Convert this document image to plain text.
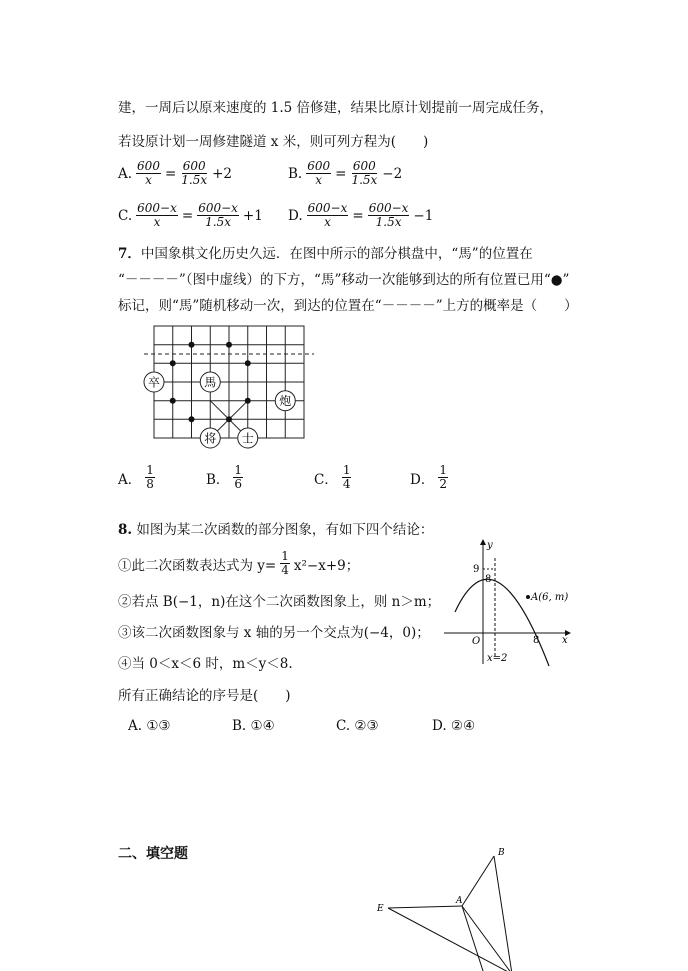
建，一周后以原来速度的 1.5 倍修建，结果比原计划提前一周完成任务，
若设原计划一周修建隧道 x 米，则可列方程为(　　)
A. $\frac{600}{x} = \frac{600}{1.5x} +2$	B. $\frac{600}{x} = \frac{600}{1.5x} -2$
C. $\frac{600-x}{x} = \frac{600-x}{1.5x} +1$ D. $\frac{600-x}{x} = \frac{600-x}{1.5x} -1$
7．中国象棋文化历史久远．在图中所示的部分棋盘中，“馬”的位置在
“－－－－”（图中虚线）的下方，“馬”移动一次能够到达的所有位置已用“●”
标记，则“馬”随机移动一次，到达的位置在“－－－－”上方的概率是（　　）
卒	馬
炮
将 士
A． $\frac{1}{8}$	B． $\frac{1}{6}$	C． $\frac{1}{4}$	D． $\frac{1}{2}$
8. 如图为某二次函数的部分图象，有如下四个结论：
①此二次函数表达式为 $y= \frac{1}{4} x^2-x+9$；
②若点 B(−1，n)在这个二次函数图象上，则 n＞m；
③该二次函数图象与 x 轴的另一个交点为(−4，0)；
④当 0＜x＜6 时，m＜y＜8.
所有正确结论的序号是(　　)
A. ①③	B. ①④	C. ②③	D. ②④
y
x
O
9
8
8
A(6, m)
x=2
二、填空题	B
A
E
